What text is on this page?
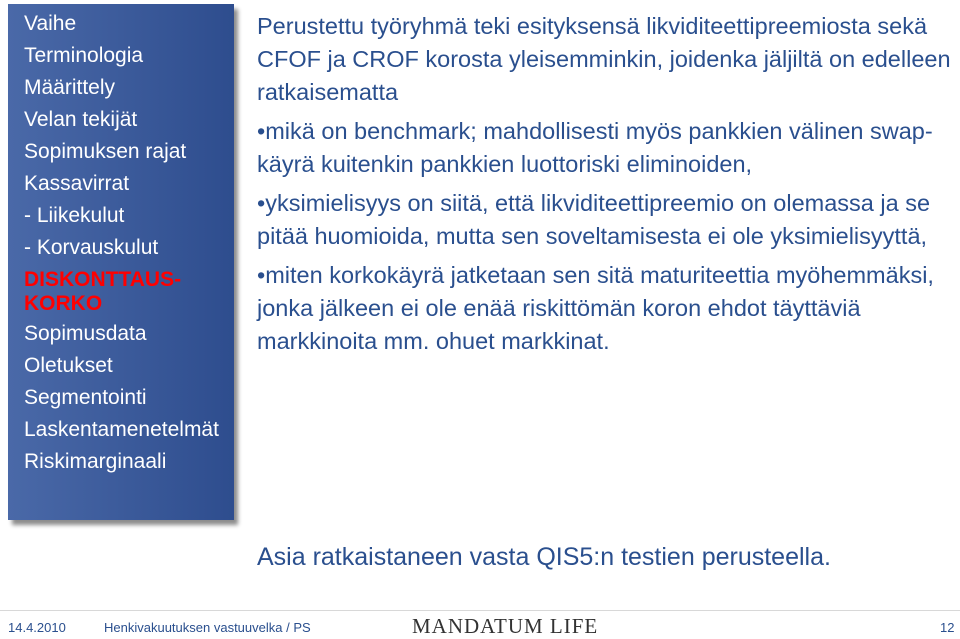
Vaihe
Terminologia
Määrittely
Velan tekijät
Sopimuksen rajat
Kassavirrat
- Liikekulut
- Korvauskulut
DISKONTTAUS-KORKO
Sopimusdata
Oletukset
Segmentointi
Laskentamenetelmät
Riskimarginaali

Perustettu työryhmä teki esityksensä likviditeettipreemiosta sekä CFOF ja CROF korosta yleisemminkin, joidenka jäljiltä on edelleen ratkaisematta

•mikä on benchmark; mahdollisesti myös pankkien välinen swap-käyrä kuitenkin pankkien luottoriski eliminoiden,

•yksimielisyys on siitä, että likviditeettipreemio on olemassa ja se pitää huomioida, mutta sen soveltamisesta ei ole yksimielisyyttä,

•miten korkokäyrä jatketaan sen sitä maturiteettia myöhemmäksi, jonka jälkeen ei ole enää riskittömän koron ehdot täyttäviä markkinoita mm. ohuet markkinat.

Asia ratkaistaneen vasta QIS5:n testien perusteella.
14.4.2010	Henkivakuutuksen vastuuvelka / PS	MANDATUM LIFE	12
